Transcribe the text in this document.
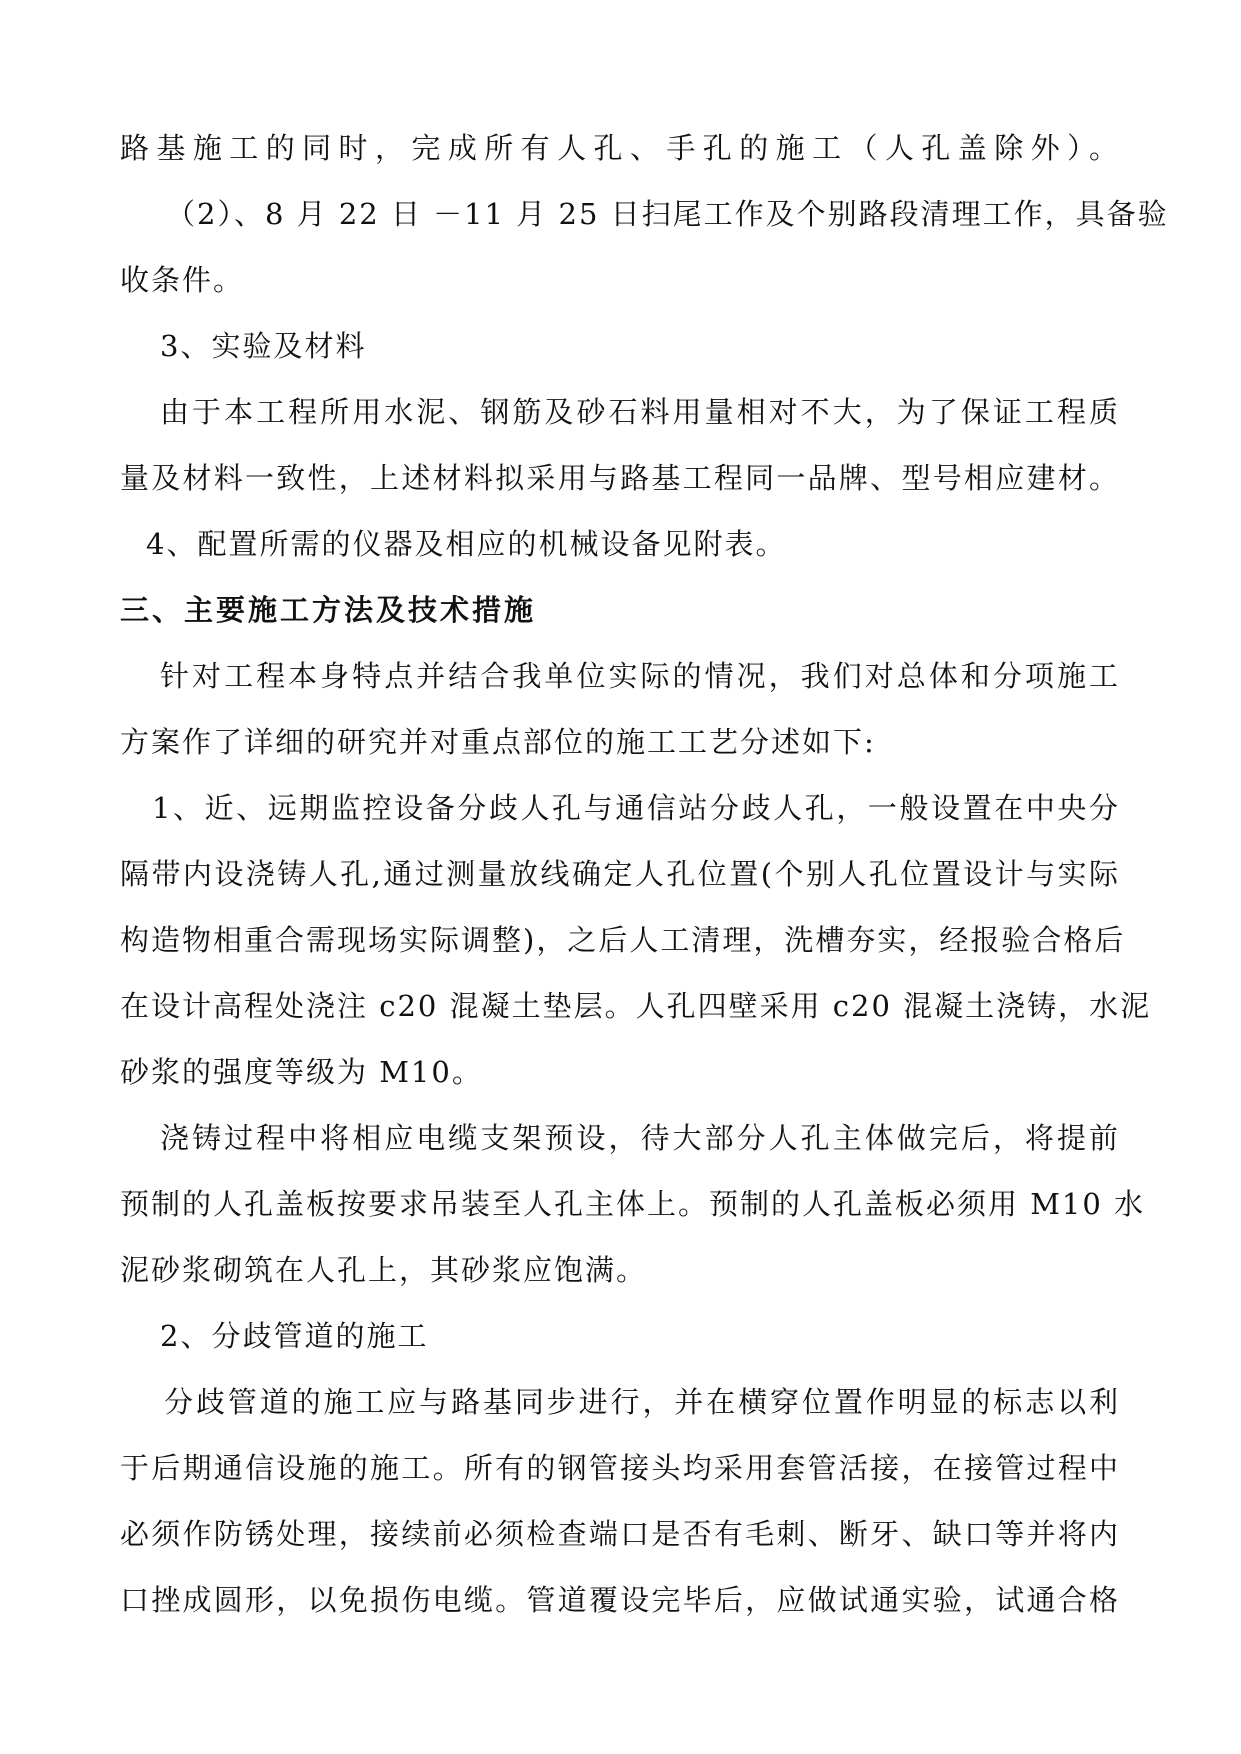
路基施工的同时，完成所有人孔、手孔的施工（人孔盖除外）。
（2）、8 月 22 日 －11 月 25 日扫尾工作及个别路段清理工作，具备验
收条件。
3、实验及材料
由于本工程所用水泥、钢筋及砂石料用量相对不大，为了保证工程质
量及材料一致性，上述材料拟采用与路基工程同一品牌、型号相应建材。
4、配置所需的仪器及相应的机械设备见附表。
三、主要施工方法及技术措施
针对工程本身特点并结合我单位实际的情况，我们对总体和分项施工
方案作了详细的研究并对重点部位的施工工艺分述如下:
1、近、远期监控设备分歧人孔与通信站分歧人孔，一般设置在中央分
隔带内设浇铸人孔,通过测量放线确定人孔位置(个别人孔位置设计与实际
构造物相重合需现场实际调整)，之后人工清理，洗槽夯实，经报验合格后
在设计高程处浇注 c20 混凝土垫层。人孔四壁采用 c20 混凝土浇铸，水泥
砂浆的强度等级为 M10。
浇铸过程中将相应电缆支架预设，待大部分人孔主体做完后，将提前
预制的人孔盖板按要求吊装至人孔主体上。预制的人孔盖板必须用 M10 水
泥砂浆砌筑在人孔上，其砂浆应饱满。
2、分歧管道的施工
分歧管道的施工应与路基同步进行，并在横穿位置作明显的标志以利
于后期通信设施的施工。所有的钢管接头均采用套管活接，在接管过程中
必须作防锈处理，接续前必须检查端口是否有毛刺、断牙、缺口等并将内
口挫成圆形，以免损伤电缆。管道覆设完毕后，应做试通实验，试通合格
